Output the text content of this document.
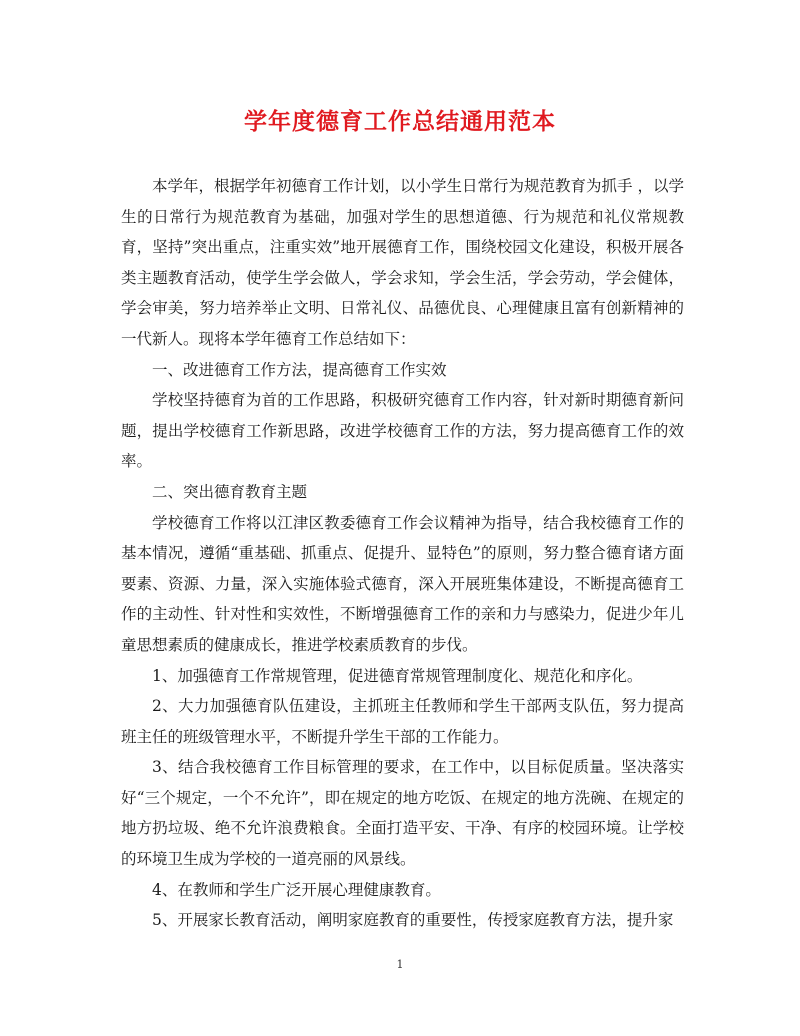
学年度德育工作总结通用范本

本学年，根据学年初德育工作计划，以小学生日常行为规范教育为抓手 ，以学生的日常行为规范教育为基础，加强对学生的思想道德、行为规范和礼仪常规教育，坚持”突出重点，注重实效”地开展德育工作，围绕校园文化建设，积极开展各类主题教育活动，使学生学会做人，学会求知，学会生活，学会劳动，学会健体，学会审美，努力培养举止文明、日常礼仪、品德优良、心理健康且富有创新精神的一代新人。现将本学年德育工作总结如下：

一、改进德育工作方法，提高德育工作实效

学校坚持德育为首的工作思路，积极研究德育工作内容，针对新时期德育新问题，提出学校德育工作新思路，改进学校德育工作的方法，努力提高德育工作的效率。

二、突出德育教育主题

学校德育工作将以江津区教委德育工作会议精神为指导，结合我校德育工作的基本情况，遵循“重基础、抓重点、促提升、显特色”的原则，努力整合德育诸方面要素、资源、力量，深入实施体验式德育，深入开展班集体建设，不断提高德育工作的主动性、针对性和实效性，不断增强德育工作的亲和力与感染力，促进少年儿童思想素质的健康成长，推进学校素质教育的步伐。

1、加强德育工作常规管理，促进德育常规管理制度化、规范化和序化。

2、大力加强德育队伍建设，主抓班主任教师和学生干部两支队伍，努力提高班主任的班级管理水平，不断提升学生干部的工作能力。

3、结合我校德育工作目标管理的要求，在工作中，以目标促质量。坚决落实好“三个规定，一个不允许”，即在规定的地方吃饭、在规定的地方洗碗、在规定的地方扔垃圾、绝不允许浪费粮食。全面打造平安、干净、有序的校园环境。让学校的环境卫生成为学校的一道亮丽的风景线。

4、在教师和学生广泛开展心理健康教育。

5、开展家长教育活动，阐明家庭教育的重要性，传授家庭教育方法，提升家

1
